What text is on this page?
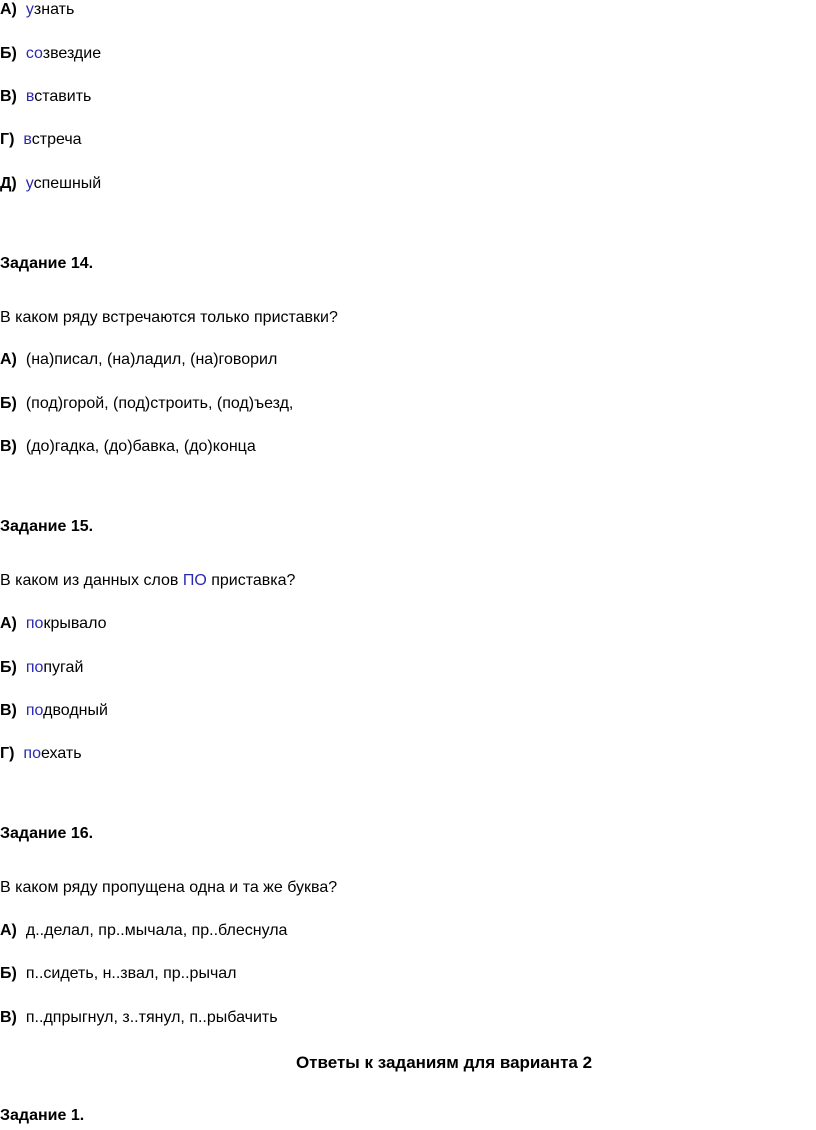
А) узнать
Б) созвездие
В) вставить
Г) встреча
Д) успешный
Задание 14.
В каком ряду встречаются только приставки?
А) (на)писал, (на)ладил, (на)говорил
Б) (под)горой, (под)строить, (под)ъезд,
В) (до)гадка, (до)бавка, (до)конца
Задание 15.
В каком из данных слов ПО приставка?
А) покрывало
Б) попугай
В) подводный
Г) поехать
Задание 16.
В каком ряду пропущена одна и та же буква?
А) д..делал, пр..мычала, пр..блеснула
Б) п..сидеть, н..звал, пр..рычал
В) п..дпрыгнул, з..тянул, п..рыбачить
Ответы к заданиям для варианта 2
Задание 1.
